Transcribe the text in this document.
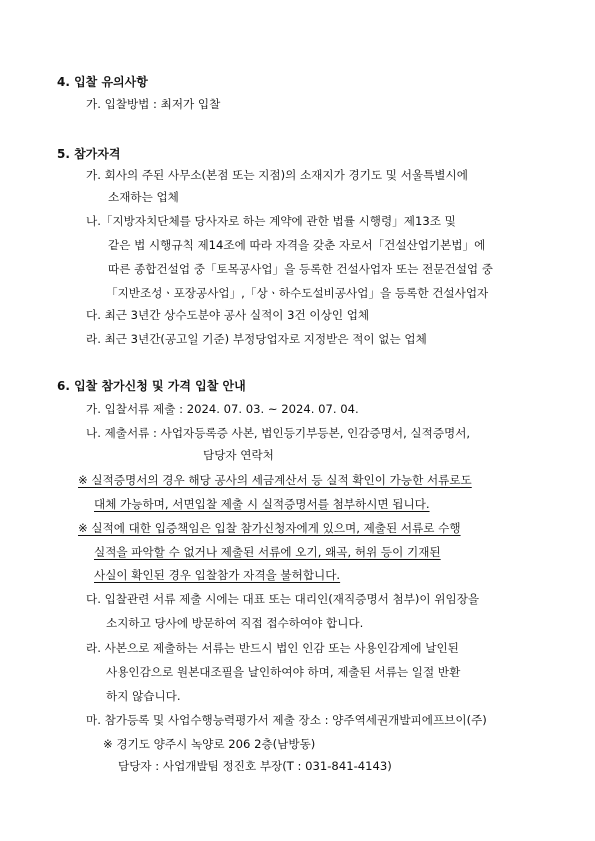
4. 입찰 유의사항
가. 입찰방법 : 최저가 입찰
5. 참가자격
가. 회사의 주된 사무소(본점 또는 지점)의 소재지가 경기도 및 서울특별시에
소재하는 업체
나.「지방자치단체를 당사자로 하는 계약에 관한 법률 시행령」제13조 및
같은 법 시행규칙 제14조에 따라 자격을 갖춘 자로서「건설산업기본법」에
따른 종합건설업 중「토목공사업」을 등록한 건설사업자 또는 전문건설업 중
「지반조성ㆍ포장공사업」,「상ㆍ하수도설비공사업」을 등록한 건설사업자
다. 최근 3년간 상수도분야 공사 실적이 3건 이상인 업체
라. 최근 3년간(공고일 기준) 부정당업자로 지정받은 적이 없는 업체
6. 입찰 참가신청 및 가격 입찰 안내
가. 입찰서류 제출 : 2024. 07. 03. ~ 2024. 07. 04.
나. 제출서류 : 사업자등록증 사본, 법인등기부등본, 인감증명서, 실적증명서,
담당자 연락처
※ 실적증명서의 경우 해당 공사의 세금계산서 등 실적 확인이 가능한 서류로도
대체 가능하며, 서면입찰 제출 시 실적증명서를 첨부하시면 됩니다.
※ 실적에 대한 입증책임은 입찰 참가신청자에게 있으며, 제출된 서류로 수행
실적을 파악할 수 없거나 제출된 서류에 오기, 왜곡, 허위 등이 기재된
사실이 확인된 경우 입찰참가 자격을 불허합니다.
다. 입찰관련 서류 제출 시에는 대표 또는 대리인(재직증명서 첨부)이 위임장을
소지하고 당사에 방문하여 직접 접수하여야 합니다.
라. 사본으로 제출하는 서류는 반드시 법인 인감 또는 사용인감계에 날인된
사용인감으로 원본대조필을 날인하여야 하며, 제출된 서류는 일절 반환
하지 않습니다.
마. 참가등록 및 사업수행능력평가서 제출 장소 : 양주역세권개발피에프브이(주)
※ 경기도 양주시 녹양로 206 2층(남방동)
담당자 : 사업개발팀 정진호 부장(T : 031-841-4143)
